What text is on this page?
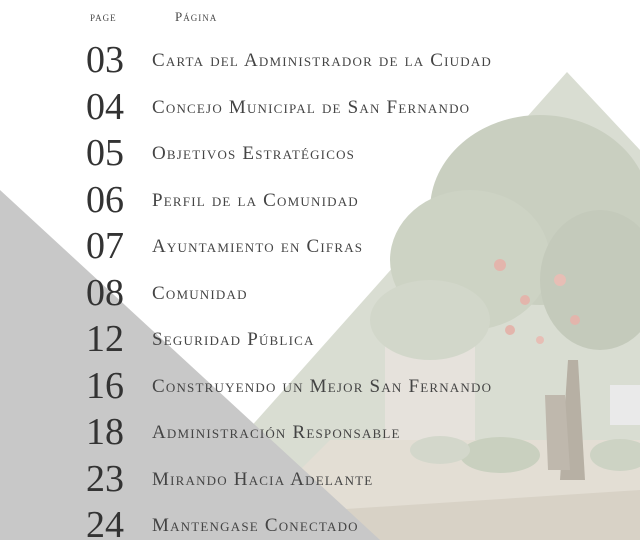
page	Página
03	Carta del Administrador de la Ciudad
04	Concejo Municipal de San Fernando
05	Objetivos Estratégicos
06	Perfil de la Comunidad
07	Ayuntamiento en Cifras
08	Comunidad
12	Seguridad Pública
16	Construyendo un Mejor San Fernando
18	Administración Responsable
23	Mirando Hacia Adelante
24	Mantengase Conectado
